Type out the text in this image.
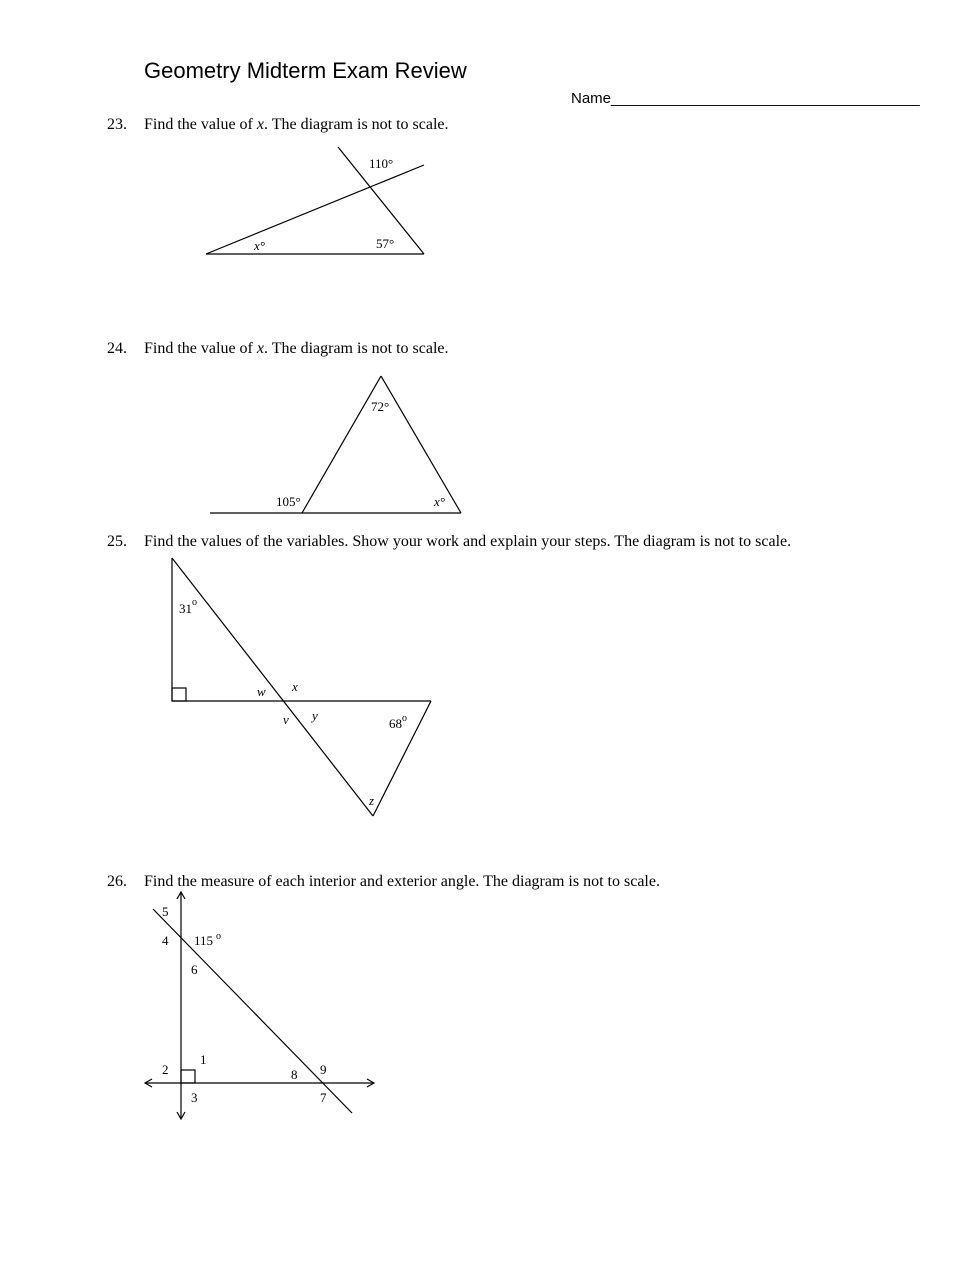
Geometry Midterm Exam Review
Name_____________________________________
23. Find the value of x. The diagram is not to scale.
110°
x°	57°
24. Find the value of x. The diagram is not to scale.
72°
105°	x°
25. Find the values of the variables. Show your work and explain your steps. The diagram is not to scale.
31 o
w x
v y
68 o
z
26. Find the measure of each interior and exterior angle. The diagram is not to scale.
5
4 115 o
6
1
2
3
8 9
7
